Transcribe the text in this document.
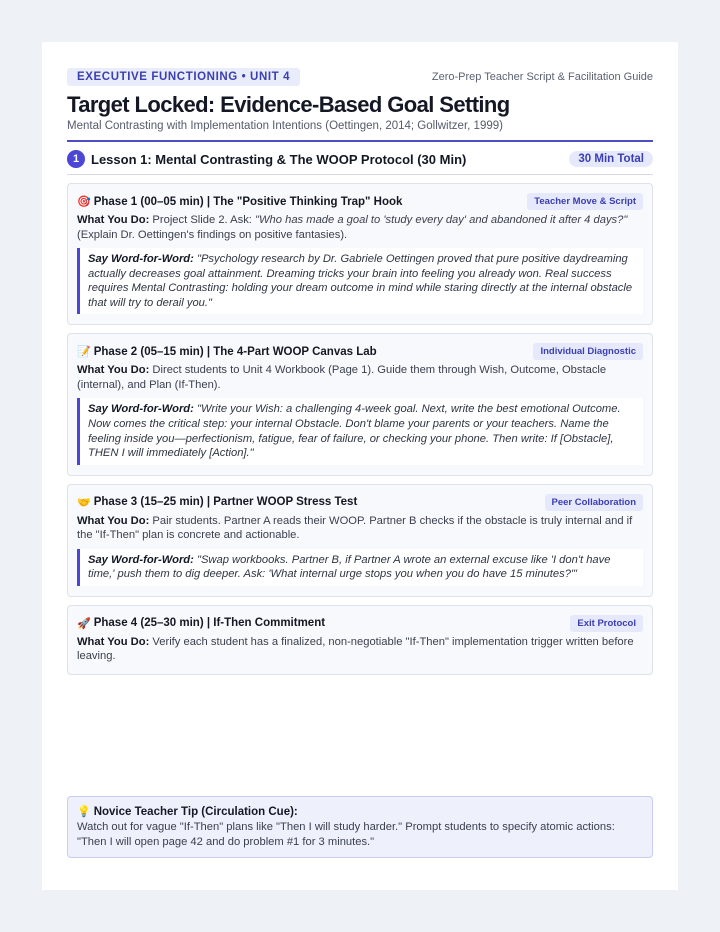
EXECUTIVE FUNCTIONING • UNIT 4	Zero-Prep Teacher Script & Facilitation Guide
Target Locked: Evidence-Based Goal Setting
Mental Contrasting with Implementation Intentions (Oettingen, 2014; Gollwitzer, 1999)
1 Lesson 1: Mental Contrasting & The WOOP Protocol (30 Min)	30 Min Total
🎯 Phase 1 (00–05 min) | The "Positive Thinking Trap" Hook	Teacher Move & Script
What You Do: Project Slide 2. Ask: "Who has made a goal to 'study every day' and abandoned it after 4 days?" (Explain Dr. Oettingen's findings on positive fantasies).
Say Word-for-Word: "Psychology research by Dr. Gabriele Oettingen proved that pure positive daydreaming actually decreases goal attainment. Dreaming tricks your brain into feeling you already won. Real success requires Mental Contrasting: holding your dream outcome in mind while staring directly at the internal obstacle that will try to derail you."
📝 Phase 2 (05–15 min) | The 4-Part WOOP Canvas Lab	Individual Diagnostic
What You Do: Direct students to Unit 4 Workbook (Page 1). Guide them through Wish, Outcome, Obstacle (internal), and Plan (If-Then).
Say Word-for-Word: "Write your Wish: a challenging 4-week goal. Next, write the best emotional Outcome. Now comes the critical step: your internal Obstacle. Don't blame your parents or your teachers. Name the feeling inside you—perfectionism, fatigue, fear of failure, or checking your phone. Then write: If [Obstacle], THEN I will immediately [Action]."
🤝 Phase 3 (15–25 min) | Partner WOOP Stress Test	Peer Collaboration
What You Do: Pair students. Partner A reads their WOOP. Partner B checks if the obstacle is truly internal and if the "If-Then" plan is concrete and actionable.
Say Word-for-Word: "Swap workbooks. Partner B, if Partner A wrote an external excuse like 'I don't have time,' push them to dig deeper. Ask: 'What internal urge stops you when you do have 15 minutes?'"
🚀 Phase 4 (25–30 min) | If-Then Commitment	Exit Protocol
What You Do: Verify each student has a finalized, non-negotiable "If-Then" implementation trigger written before leaving.
💡 Novice Teacher Tip (Circulation Cue):
Watch out for vague "If-Then" plans like "Then I will study harder." Prompt students to specify atomic actions: "Then I will open page 42 and do problem #1 for 3 minutes."
